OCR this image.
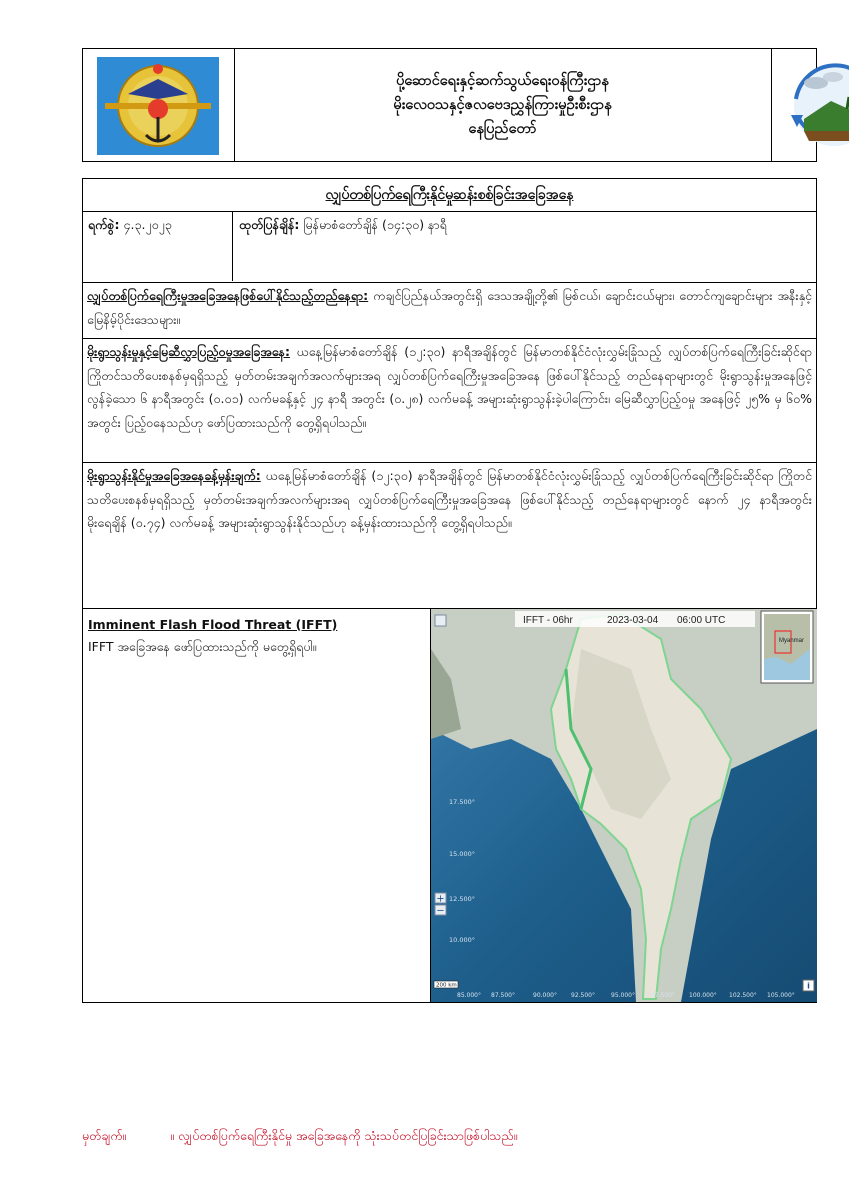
ပို့ဆောင်ရေးနှင့်ဆက်သွယ်ရေးဝန်ကြီးဌာန
မိုးလေဝသနှင့်ဇလဗေဒညွှန်ကြားမှုဦးစီးဌာန
နေပြည်တော်
လျှပ်တစ်ပြက်ရေကြီးနိုင်မှုဆန်းစစ်ခြင်းအခြေအနေ
ရက်စွဲ: ၄.၃.၂၀၂၃	ထုတ်ပြန်ချိန်: မြန်မာစံတော်ချိန် (၁၄:၃၀) နာရီ
လျှပ်တစ်ပြက်ရေကြီးမှုအခြေအနေဖြစ်ပေါ်နိုင်သည့်တည်နေရာ: ကချင်ပြည်နယ်အတွင်းရှိ ဒေသအချို့တို့၏ မြစ်ငယ်၊ ချောင်းငယ်များ၊ တောင်ကျချောင်းများ အနီးနှင့် မြေနိမ့်ပိုင်းဒေသများ။
မိုးရွာသွန်းမှုနှင့်မြေဆီလွှာပြည့်ဝမှုအခြေအနေ: ယနေ့မြန်မာစံတော်ချိန် (၁၂:၃၀) နာရီအချိန်တွင် မြန်မာတစ်နိုင်ငံလုံးလွှမ်းခြုံသည့် လျှပ်တစ်ပြက်ရေကြီးခြင်းဆိုင်ရာ ကြိုတင်သတိပေးစနစ်မှရရှိသည့် မှတ်တမ်းအချက်အလက်များအရ လျှပ်တစ်ပြက်ရေကြီးမှုအခြေအနေ ဖြစ်ပေါ်နိုင်သည့် တည်နေရာများတွင် မိုးရွာသွန်းမှုအနေဖြင့် လွန်ခဲ့သော ၆ နာရီအတွင်း (၀.၀၁) လက်မခန့်နှင့် ၂၄ နာရီ အတွင်း (၀.၂၈) လက်မခန့် အများဆုံးရွာသွန်းခဲ့ပါကြောင်း၊ မြေဆီလွှာပြည့်ဝမှု အနေဖြင့် ၂၅% မှ ၆၀% အတွင်း ပြည့်ဝနေသည်ဟု ဖော်ပြထားသည်ကို တွေ့ရှိရပါသည်။
မိုးရွာသွန်းနိုင်မှုအခြေအနေခန့်မှန်းချက်: ယနေ့မြန်မာစံတော်ချိန် (၁၂:၃၀) နာရီအချိန်တွင် မြန်မာတစ်နိုင်ငံလုံးလွှမ်းခြုံသည့် လျှပ်တစ်ပြက်ရေကြီးခြင်းဆိုင်ရာ ကြိုတင်သတိပေးစနစ်မှရရှိသည့် မှတ်တမ်းအချက်အလက်များအရ လျှပ်တစ်ပြက်ရေကြီးမှုအခြေအနေ ဖြစ်ပေါ်နိုင်သည့် တည်နေရာများတွင် နောက် ၂၄ နာရီအတွင်း မိုးရေချိန် (၀.၇၄) လက်မခန့် အများဆုံးရွာသွန်းနိုင်သည်ဟု ခန့်မှန်းထားသည်ကို တွေ့ရှိရပါသည်။
Imminent Flash Flood Threat (IFFT)
IFFT အခြေအနေ ဖော်ပြထားသည်ကို မတွေ့ရှိရပါ။
+
−
IFFT - 06hr	2023-03-04 06:00 UTC
Myanmar
17.500°
15.000°
12.500°
10.000°
85.000° 87.500°	90.000° 92.500°	95.000°	97.500° 100.000° 102.500° 105.000°
200 km	i
မှတ်ချက်။	။ လျှပ်တစ်ပြက်ရေကြီးနိုင်မှု အခြေအနေကို သုံးသပ်တင်ပြခြင်းသာဖြစ်ပါသည်။
